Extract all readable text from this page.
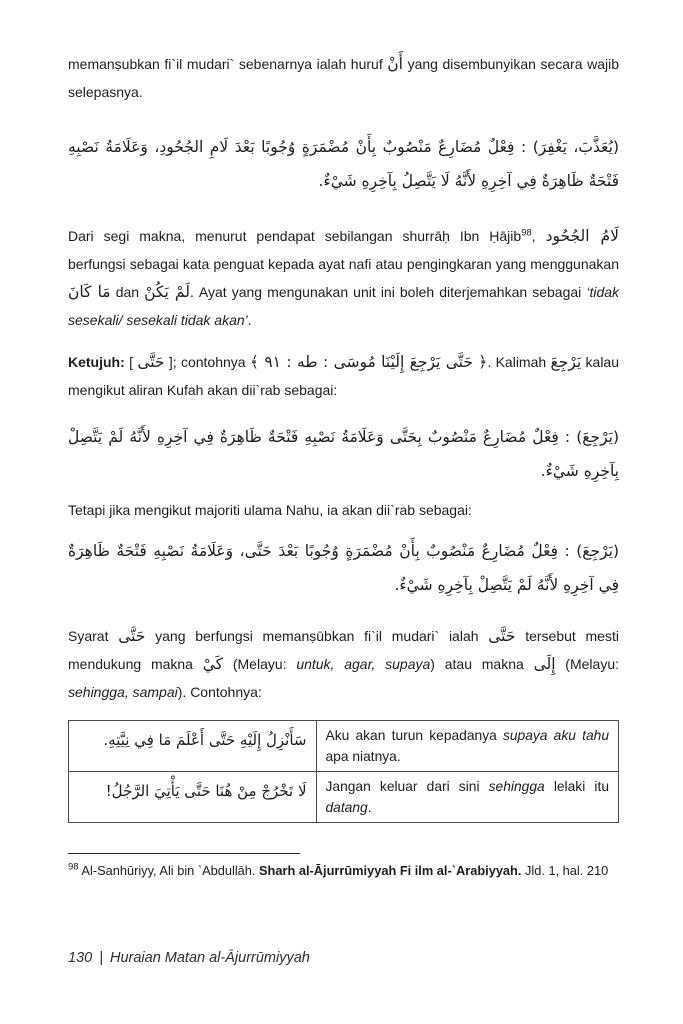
memanṣubkan fi`il mudari` sebenarnya ialah huruf أَنْ yang disembunyikan secara wajib selepasnya.

(يُعَذَّبَ، يَغْفِرَ) : فِعْلٌ مُضَارِعٌ مَنْصُوبٌ بِأَنْ مُضْمَرَةٍ وُجُوبًا بَعْدَ لَامِ الجُحُودِ، وَعَلَامَةُ نَصْبِهِ فَتْحَةٌ ظَاهِرَةٌ فِي آخِرِهِ لأَنَّهُ لَا يَتَّصِلُ بِآخِرِهِ شَيْءٌ.

Dari segi makna, menurut pendapat sebilangan shurrāḥ Ibn Ḥājib$^{98}$, لَامُ الجُحُود berfungsi sebagai kata penguat kepada ayat nafi atau pengingkaran yang menggunakan مَا كَانَ dan لَمْ يَكُنْ. Ayat yang mengunakan unit ini boleh diterjemahkan sebagai ‘tidak sesekali/ sesekali tidak akan’.

Ketujuh: [ حَتَّى ]; contohnya ﴿ حَتَّى يَرْجِعَ إِلَيْنَا مُوسَى : طه : ٩١ ﴾. Kalimah يَرْجِعَ kalau mengikut aliran Kufah akan dii`rab sebagai:

(يَرْجِعَ) : فِعْلٌ مُضَارِعٌ مَنْصُوبٌ بِحَتَّى وَعَلَامَةُ نَصْبِهِ فَتْحَةٌ ظَاهِرَةٌ فِي آخِرِهِ لأَنَّهُ لَمْ يَتَّصِلْ بِآخِرِهِ شَيْءٌ.

Tetapi jika mengikut majoriti ulama Nahu, ia akan dii`rab sebagai:

(يَرْجِعَ) : فِعْلٌ مُضَارِعٌ مَنْصُوبٌ بِأَنْ مُضْمَرَةٍ وُجُوبًا بَعْدَ حَتَّى، وَعَلَامَةُ نَصْبِهِ فَتْحَةٌ ظَاهِرَةٌ فِي آخِرِهِ لأَنَّهُ لَمْ يَتَّصِلْ بِآخِرِهِ شَيْءٌ.

Syarat حَتَّى yang berfungsi memanṣūbkan fi`il mudari` ialah حَتَّى tersebut mesti mendukung makna كَيْ (Melayu: untuk, agar, supaya) atau makna إِلَى (Melayu: sehingga, sampai). Contohnya:

سَأَنْزِلُ إِلَيْهِ حَتَّى أَعْلَمَ مَا فِي نِيَّتِهِ.	Aku akan turun kepadanya supaya aku tahu apa niatnya.
لَا تَخْرُجْ مِنْ هُنَا حَتَّى يَأْتِيَ الرَّجُلُ!	Jangan keluar dari sini sehingga lelaki itu datang.

$^{98}$ Al-Sanhūriyy, Ali bin `Abdullāh. Sharh al-Ājurrūmiyyah Fi ilm al-`Arabiyyah. Jld. 1, hal. 210

130 | Huraian Matan al-Ājurrūmiyyah
